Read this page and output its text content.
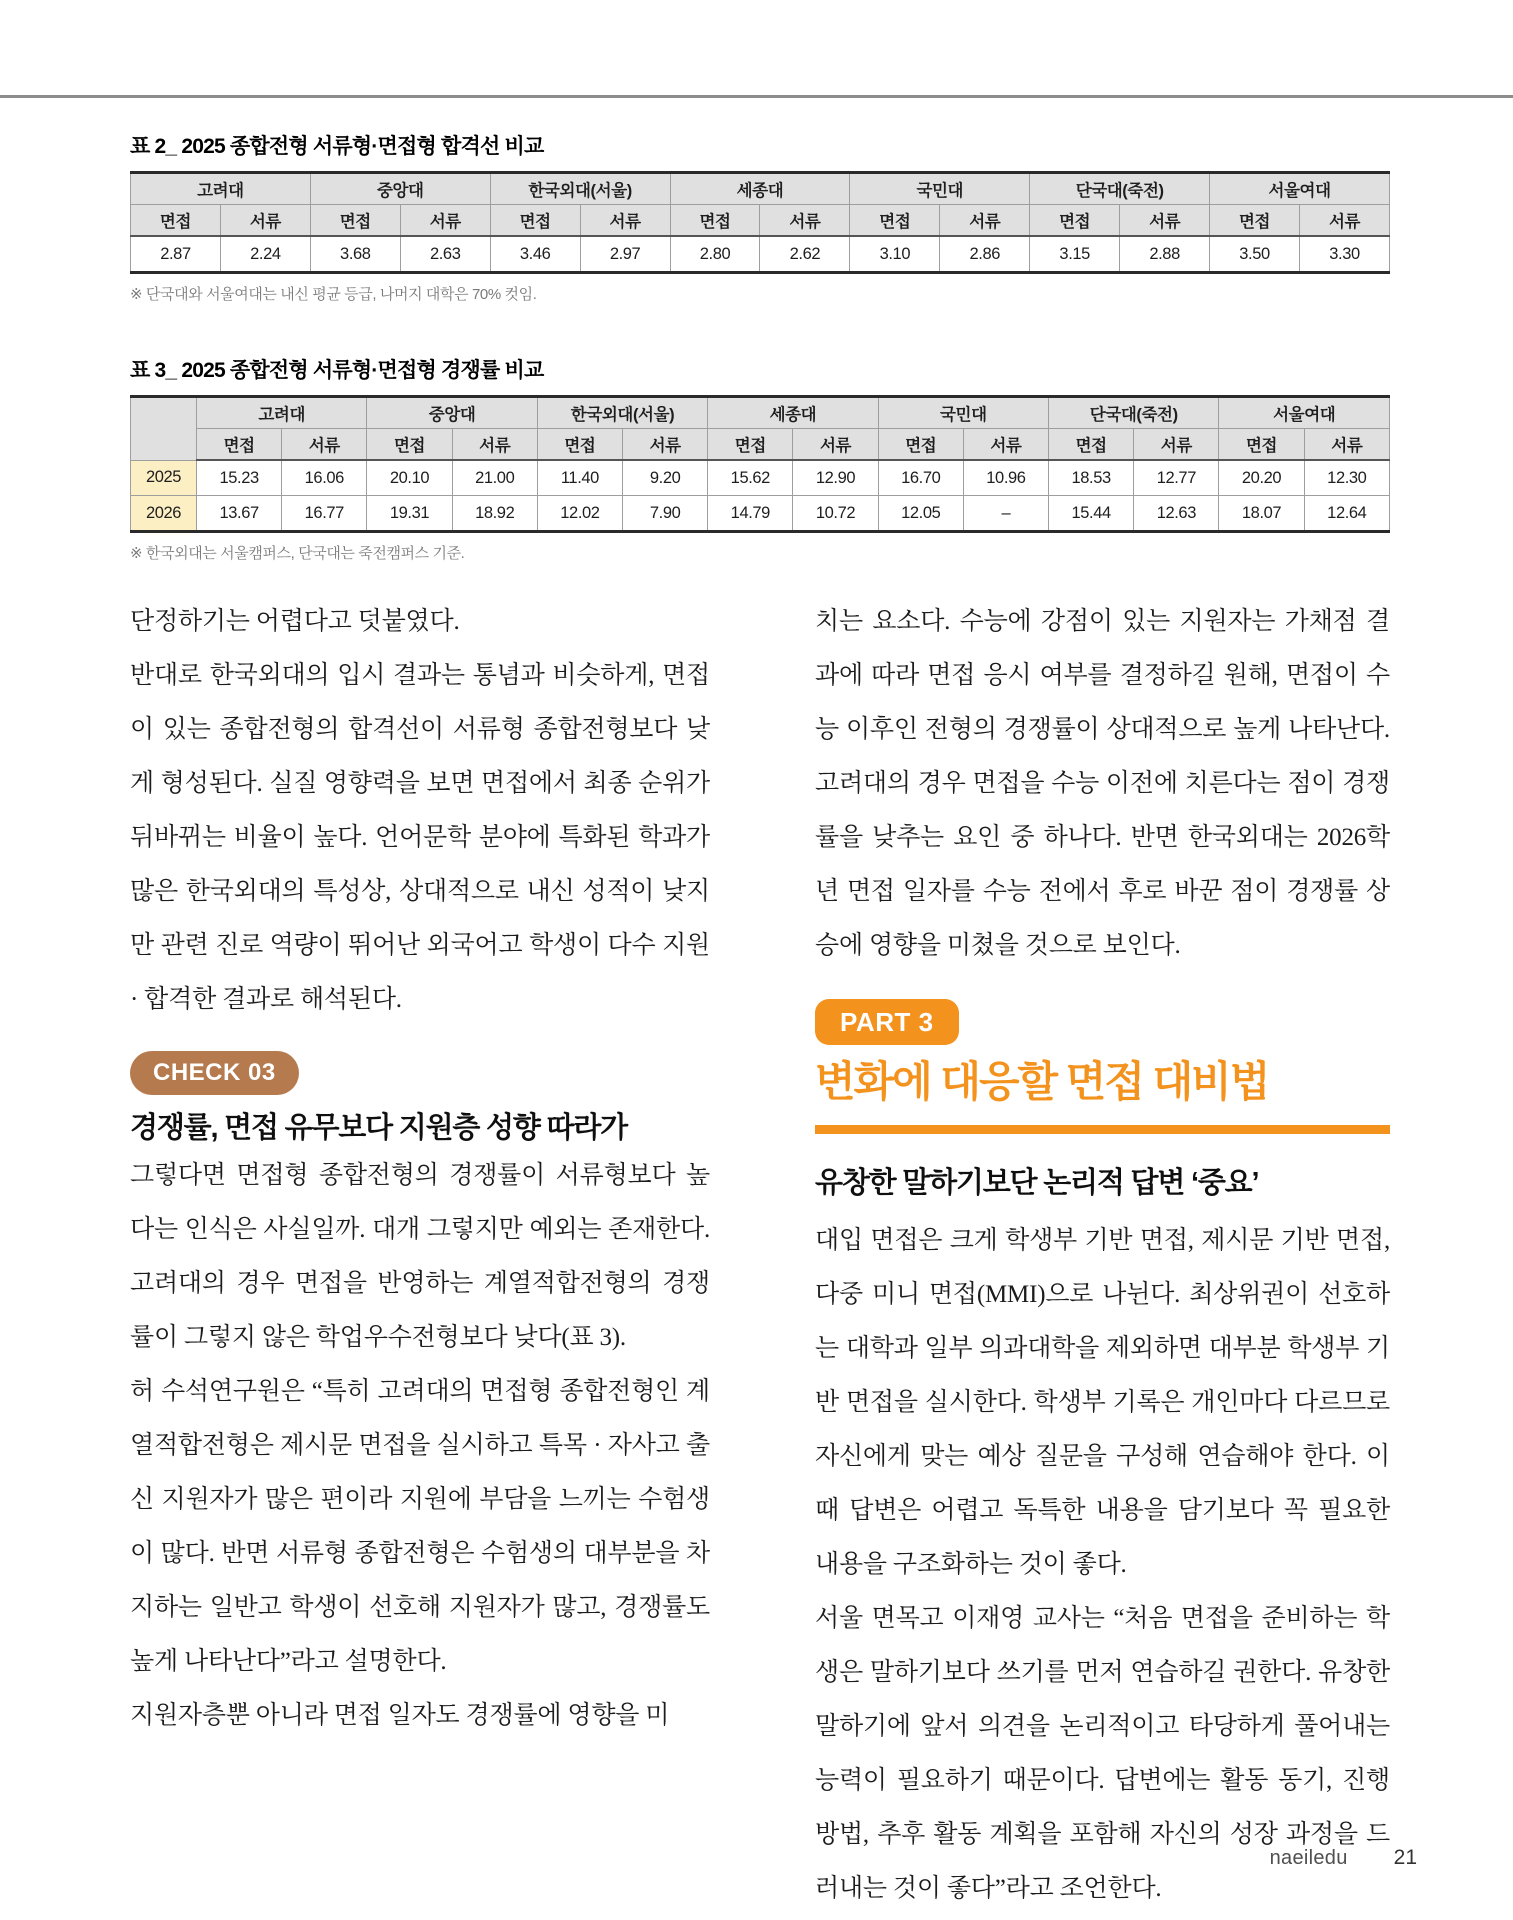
표 2_ 2025 종합전형 서류형·면접형 합격선 비교
고려대		중앙대		한국외대(서울)		세종대		국민대		단국대(죽전)		서울여대	
면접	서류	면접	서류	면접	서류	면접	서류	면접	서류	면접	서류	면접	서류
2.87	2.24	3.68	2.63	3.46	2.97	2.80	2.62	3.10	2.86	3.15	2.88	3.50	3.30
※ 단국대와 서울여대는 내신 평균 등급, 나머지 대학은 70% 컷임.
표 3_ 2025 종합전형 서류형·면접형 경쟁률 비교
	고려대		중앙대		한국외대(서울)		세종대		국민대		단국대(죽전)		서울여대	
	면접	서류	면접	서류	면접	서류	면접	서류	면접	서류	면접	서류	면접	서류
2025	15.23	16.06	20.10	21.00	11.40	9.20	15.62	12.90	16.70	10.96	18.53	12.77	20.20	12.30
2026	13.67	16.77	19.31	18.92	12.02	7.90	14.79	10.72	12.05	–	15.44	12.63	18.07	12.64
※ 한국외대는 서울캠퍼스, 단국대는 죽전캠퍼스 기준.

단정하기는 어렵다고 덧붙였다.

반대로 한국외대의 입시 결과는 통념과 비슷하게, 면접이 있는 종합전형의 합격선이 서류형 종합전형보다 낮게 형성된다. 실질 영향력을 보면 면접에서 최종 순위가 뒤바뀌는 비율이 높다. 언어문학 분야에 특화된 학과가 많은 한국외대의 특성상, 상대적으로 내신 성적이 낮지만 관련 진로 역량이 뛰어난 외국어고 학생이 다수 지원 · 합격한 결과로 해석된다.

CHECK 03
경쟁률, 면접 유무보다 지원층 성향 따라가

그렇다면 면접형 종합전형의 경쟁률이 서류형보다 높다는 인식은 사실일까. 대개 그렇지만 예외는 존재한다. 고려대의 경우 면접을 반영하는 계열적합전형의 경쟁률이 그렇지 않은 학업우수전형보다 낮다(표 3).

허 수석연구원은 “특히 고려대의 면접형 종합전형인 계열적합전형은 제시문 면접을 실시하고 특목 · 자사고 출신 지원자가 많은 편이라 지원에 부담을 느끼는 수험생이 많다. 반면 서류형 종합전형은 수험생의 대부분을 차지하는 일반고 학생이 선호해 지원자가 많고, 경쟁률도 높게 나타난다”라고 설명한다.

지원자층뿐 아니라 면접 일자도 경쟁률에 영향을 미

치는 요소다. 수능에 강점이 있는 지원자는 가채점 결과에 따라 면접 응시 여부를 결정하길 원해, 면접이 수능 이후인 전형의 경쟁률이 상대적으로 높게 나타난다. 고려대의 경우 면접을 수능 이전에 치른다는 점이 경쟁률을 낮추는 요인 중 하나다. 반면 한국외대는 2026학년 면접 일자를 수능 전에서 후로 바꾼 점이 경쟁률 상승에 영향을 미쳤을 것으로 보인다.

PART 3
변화에 대응할 면접 대비법
유창한 말하기보단 논리적 답변 ‘중요’

대입 면접은 크게 학생부 기반 면접, 제시문 기반 면접, 다중 미니 면접(MMI)으로 나뉜다. 최상위권이 선호하는 대학과 일부 의과대학을 제외하면 대부분 학생부 기반 면접을 실시한다. 학생부 기록은 개인마다 다르므로 자신에게 맞는 예상 질문을 구성해 연습해야 한다. 이때 답변은 어렵고 독특한 내용을 담기보다 꼭 필요한 내용을 구조화하는 것이 좋다.

서울 면목고 이재영 교사는 “처음 면접을 준비하는 학생은 말하기보다 쓰기를 먼저 연습하길 권한다. 유창한 말하기에 앞서 의견을 논리적이고 타당하게 풀어내는 능력이 필요하기 때문이다. 답변에는 활동 동기, 진행 방법, 추후 활동 계획을 포함해 자신의 성장 과정을 드러내는 것이 좋다”라고 조언한다.

naeiledu 21
